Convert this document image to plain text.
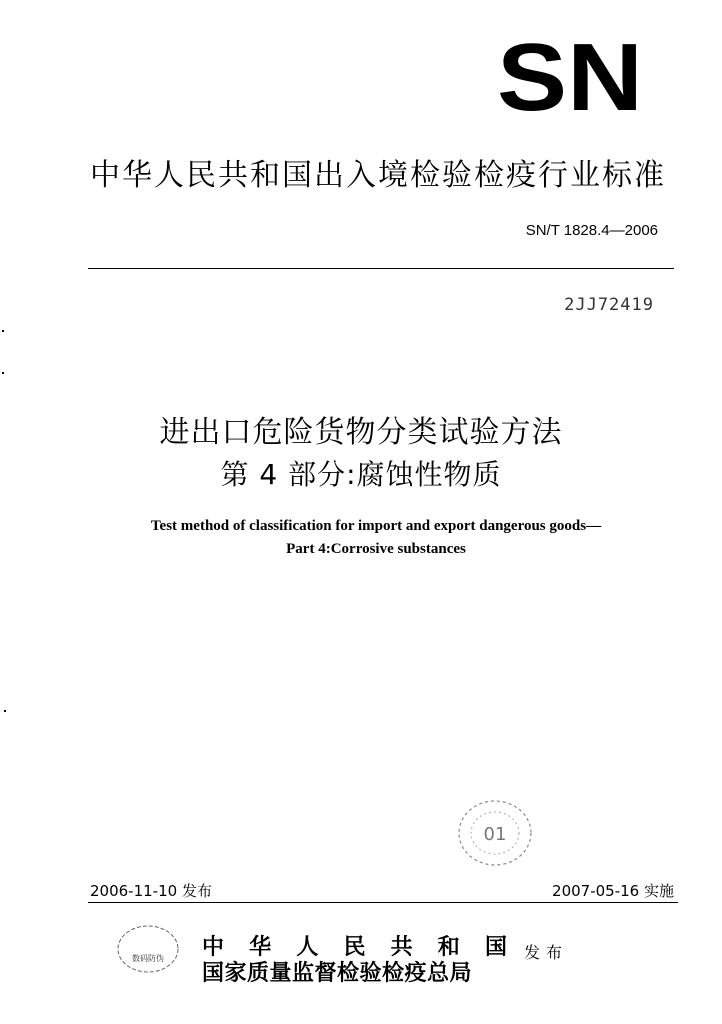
SN
中华人民共和国出入境检验检疫行业标准
SN/T 1828.4—2006
2JJ72419
进出口危险货物分类试验方法
第 4 部分:腐蚀性物质
Test method of classification for import and export dangerous goods—
Part 4:Corrosive substances
01
2006-11-10 发布	2007-05-16 实施
数码防伪 中 华 人 民 共 和 国
国家质量监督检验检疫总局
发布
